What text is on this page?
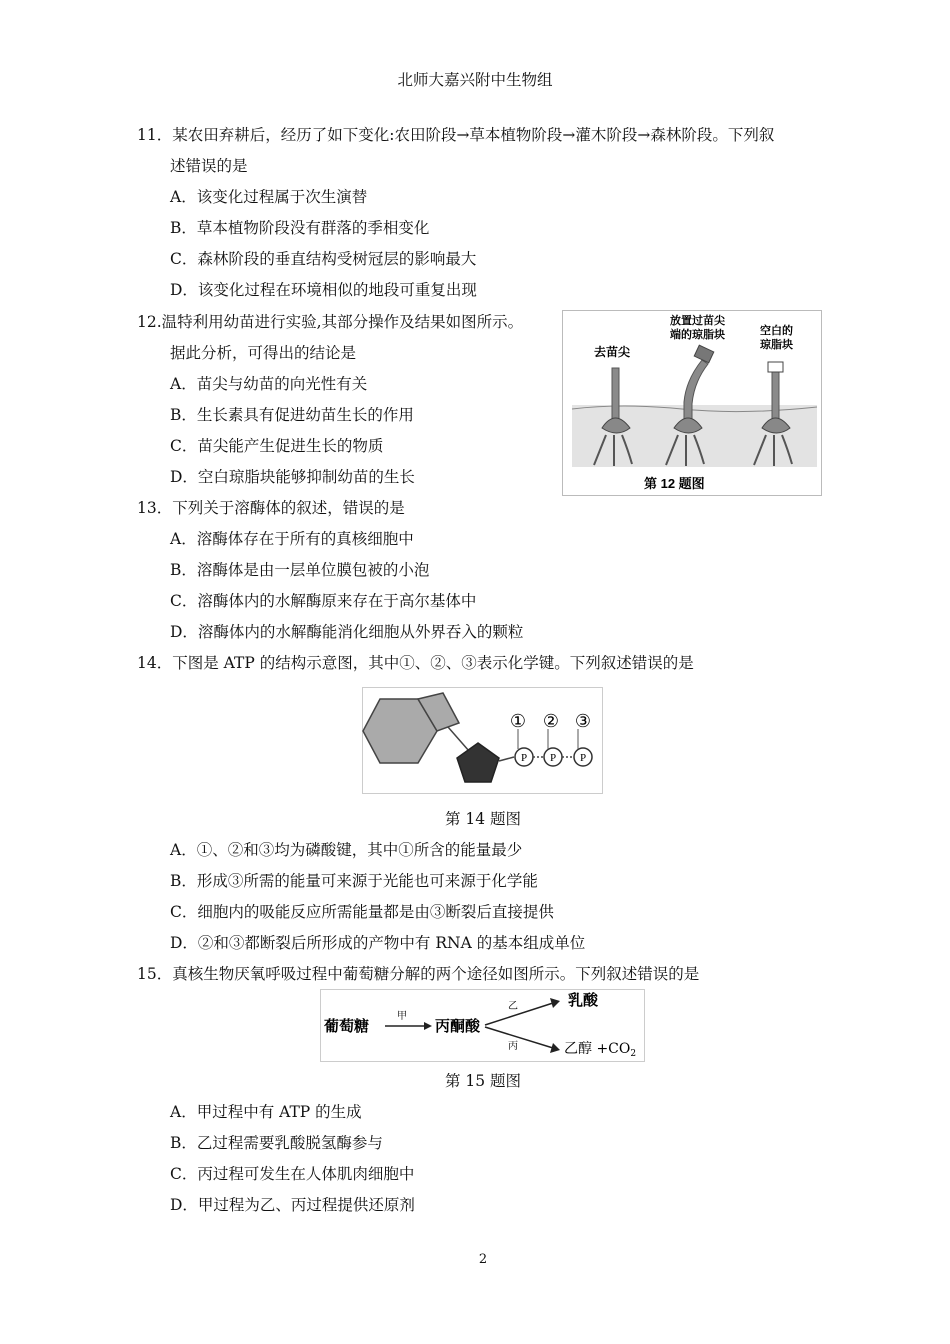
北师大嘉兴附中生物组
11．某农田弃耕后，经历了如下变化:农田阶段→草本植物阶段→灌木阶段→森林阶段。下列叙
述错误的是
A．该变化过程属于次生演替
B．草本植物阶段没有群落的季相变化
C．森林阶段的垂直结构受树冠层的影响最大
D．该变化过程在环境相似的地段可重复出现
12.温特利用幼苗进行实验,其部分操作及结果如图所示。
据此分析，可得出的结论是
A．苗尖与幼苗的向光性有关
B．生长素具有促进幼苗生长的作用
C．苗尖能产生促进生长的物质
D．空白琼脂块能够抑制幼苗的生长
去苗尖
放置过苗尖
端的琼脂块	空白的
琼脂块
第 12 题图
13．下列关于溶酶体的叙述，错误的是
A．溶酶体存在于所有的真核细胞中
B．溶酶体是由一层单位膜包被的小泡
C．溶酶体内的水解酶原来存在于高尔基体中
D．溶酶体内的水解酶能消化细胞从外界吞入的颗粒
14．下图是 ATP 的结构示意图，其中①、②、③表示化学键。下列叙述错误的是
P P P
① ② ③
第 14 题图
A．①、②和③均为磷酸键，其中①所含的能量最少
B．形成③所需的能量可来源于光能也可来源于化学能
C．细胞内的吸能反应所需能量都是由③断裂后直接提供
D．②和③都断裂后所形成的产物中有 RNA 的基本组成单位
15．真核生物厌氧呼吸过程中葡萄糖分解的两个途径如图所示。下列叙述错误的是
葡萄糖
甲
丙酮酸
乙
丙
乳酸
乙醇 $+CO_2$
第 15 题图
A．甲过程中有 ATP 的生成
B．乙过程需要乳酸脱氢酶参与
C．丙过程可发生在人体肌肉细胞中
D．甲过程为乙、丙过程提供还原剂
2
